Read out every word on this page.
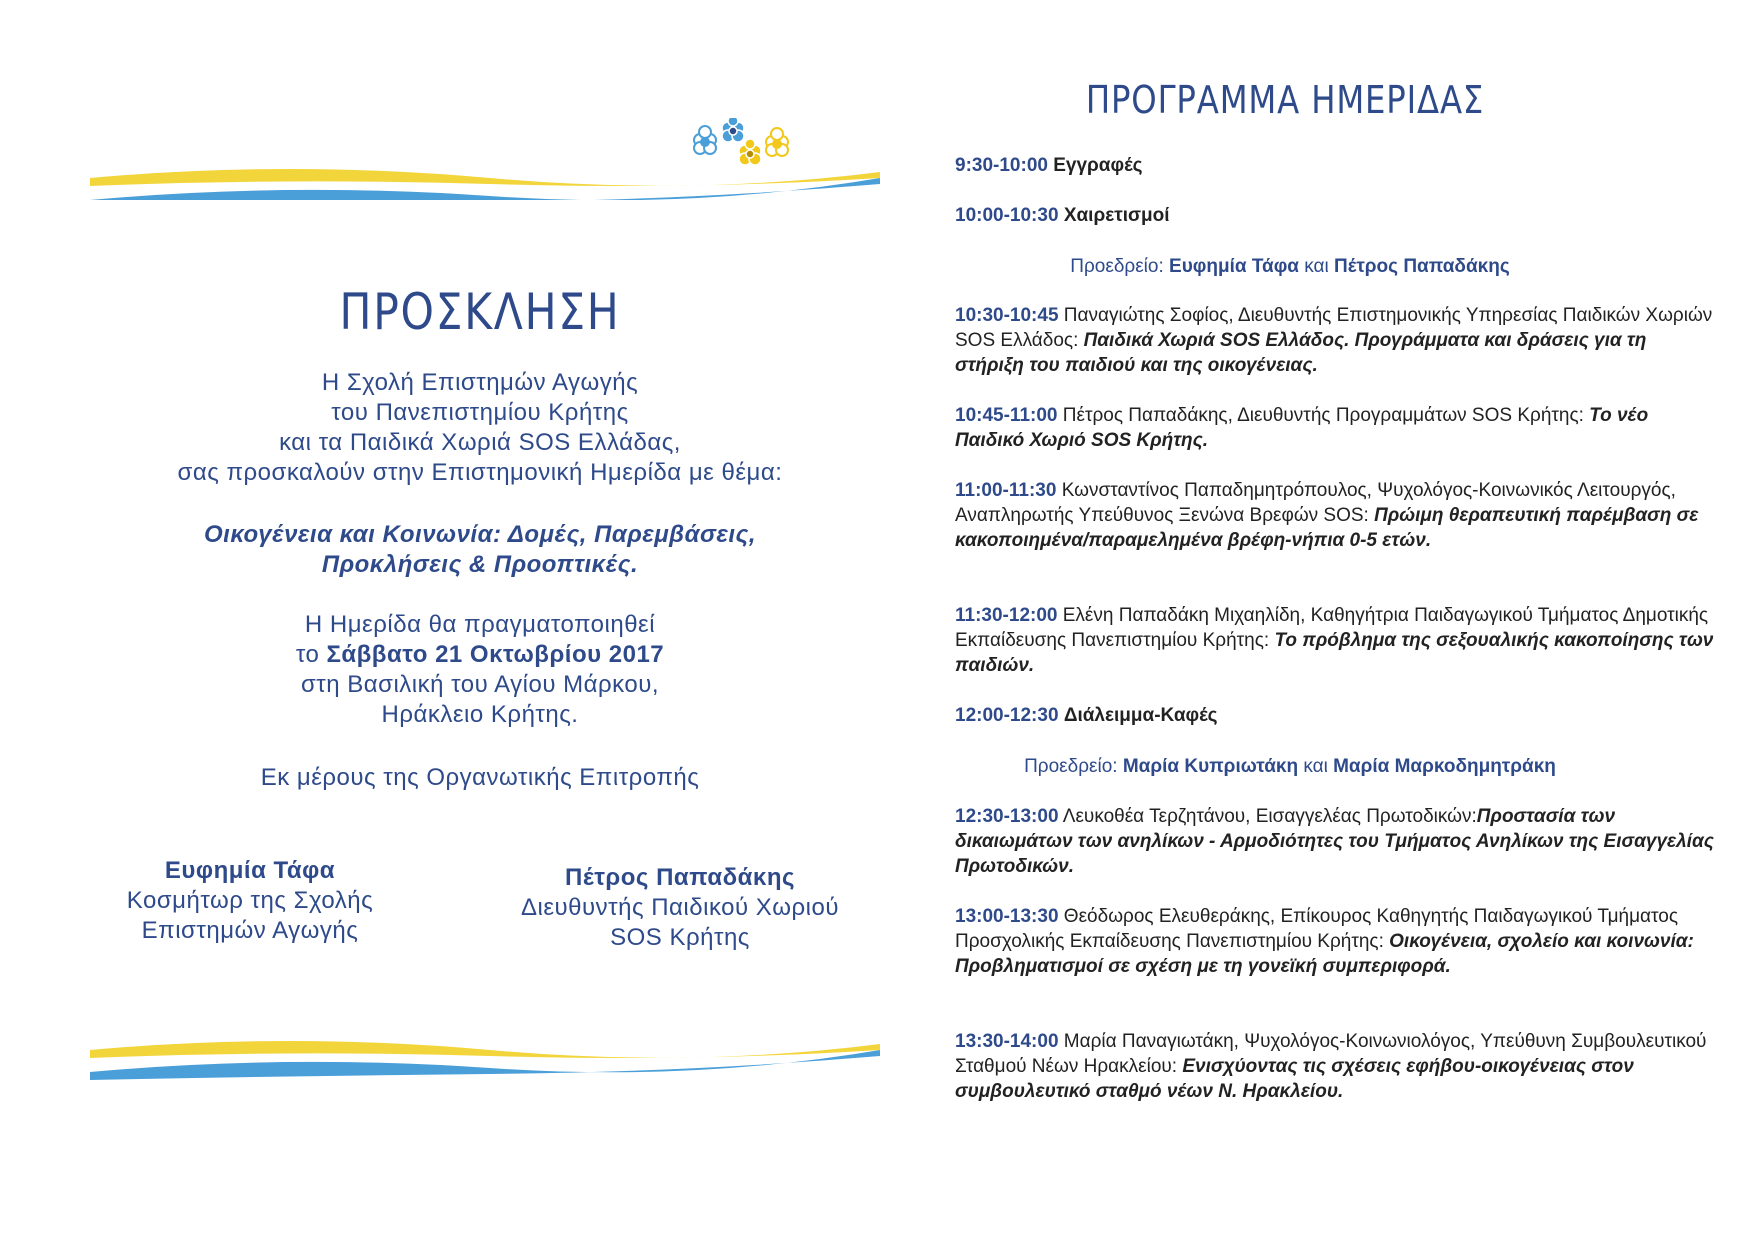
ΠΡΟΣΚΛΗΣΗ
Η Σχολή Επιστημών Αγωγής
του Πανεπιστημίου Κρήτης
και τα Παιδικά Χωριά SOS Ελλάδας,
σας προσκαλούν στην Επιστημονική Ημερίδα με θέμα:
Οικογένεια και Κοινωνία: Δομές, Παρεμβάσεις,
Προκλήσεις & Προοπτικές.
Η Ημερίδα θα πραγματοποιηθεί
το Σάββατο 21 Οκτωβρίου 2017
στη Βασιλική του Αγίου Μάρκου,
Ηράκλειο Κρήτης.
Εκ μέρους της Οργανωτικής Επιτροπής
Ευφημία Τάφα
Κοσμήτωρ της Σχολής
Επιστημών Αγωγής
Πέτρος Παπαδάκης
Διευθυντής Παιδικού Χωριού
SOS Κρήτης
ΠΡΟΓΡΑΜΜΑ ΗΜΕΡΙΔΑΣ
9:30-10:00 Εγγραφές
10:00-10:30 Χαιρετισμοί
Προεδρείο: Ευφημία Τάφα και Πέτρος Παπαδάκης
10:30-10:45 Παναγιώτης Σοφίος, Διευθυντής Επιστημονικής Υπηρεσίας Παιδικών Χωριών SOS Ελλάδος: Παιδικά Χωριά SOS Ελλάδος. Προγράμματα και δράσεις για τη στήριξη του παιδιού και της οικογένειας.
10:45-11:00 Πέτρος Παπαδάκης, Διευθυντής Προγραμμάτων SOS Κρήτης: Το νέο Παιδικό Χωριό SOS Κρήτης.
11:00-11:30 Κωνσταντίνος Παπαδημητρόπουλος, Ψυχολόγος-Κοινωνικός Λειτουργός, Αναπληρωτής Υπεύθυνος Ξενώνα Βρεφών SOS: Πρώιμη θεραπευτική παρέμβαση σε κακοποιημένα/παραμελημένα βρέφη-νήπια 0-5 ετών.
11:30-12:00 Ελένη Παπαδάκη Μιχαηλίδη, Καθηγήτρια Παιδαγωγικού Τμήματος Δημοτικής Εκπαίδευσης Πανεπιστημίου Κρήτης: Το πρόβλημα της σεξουαλικής κακοποίησης των παιδιών.
12:00-12:30 Διάλειμμα-Καφές
Προεδρείο: Μαρία Κυπριωτάκη και Μαρία Μαρκοδημητράκη
12:30-13:00 Λευκοθέα Τερζητάνου, Εισαγγελέας Πρωτοδικών:Προστασία των δικαιωμάτων των ανηλίκων - Αρμοδιότητες του Τμήματος Ανηλίκων της Εισαγγελίας Πρωτοδικών.
13:00-13:30 Θεόδωρος Ελευθεράκης, Επίκουρος Καθηγητής Παιδαγωγικού Τμήματος Προσχολικής Εκπαίδευσης Πανεπιστημίου Κρήτης: Οικογένεια, σχολείο και κοινωνία: Προβληματισμοί σε σχέση με τη γονεϊκή συμπεριφορά.
13:30-14:00 Μαρία Παναγιωτάκη, Ψυχολόγος-Κοινωνιολόγος, Υπεύθυνη Συμβουλευτικού Σταθμού Νέων Ηρακλείου: Ενισχύοντας τις σχέσεις εφήβου-οικογένειας στον συμβουλευτικό σταθμό νέων Ν. Ηρακλείου.
